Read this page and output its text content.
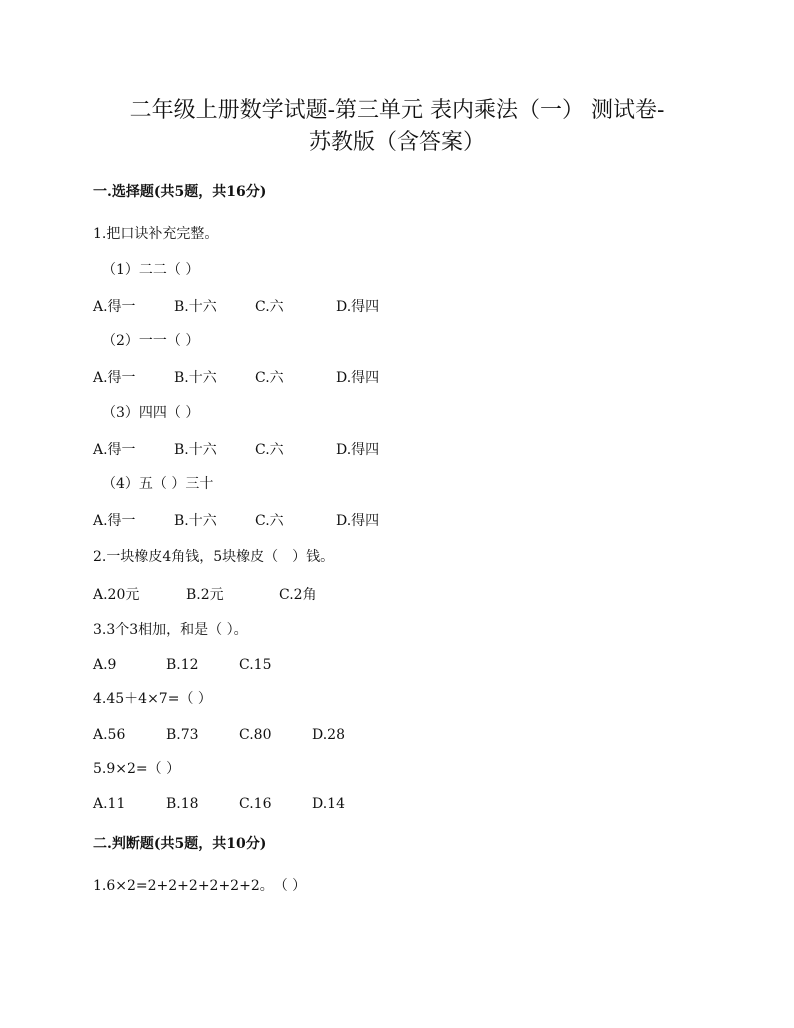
二年级上册数学试题-第三单元 表内乘法（一） 测试卷-
苏教版（含答案）
一.选择题(共5题，共16分)
1.把口诀补充完整。
（1）二二（ ）
A.得一	B.十六	C.六	D.得四
（2）一一（ ）
A.得一	B.十六	C.六	D.得四
（3）四四（ ）
A.得一	B.十六	C.六	D.得四
（4）五（ ）三十
A.得一	B.十六	C.六	D.得四
2.一块橡皮4角钱，5块橡皮（　）钱。
A.20元	B.2元	C.2角
3.3个3相加，和是（ ）。
A.9	B.12	C.15
4.45＋4×7=（ ）
A.56	B.73	C.80	D.28
5.9×2=（ ）
A.11	B.18	C.16	D.14
二.判断题(共5题，共10分)
1.6×2=2+2+2+2+2+2。　（ ）
